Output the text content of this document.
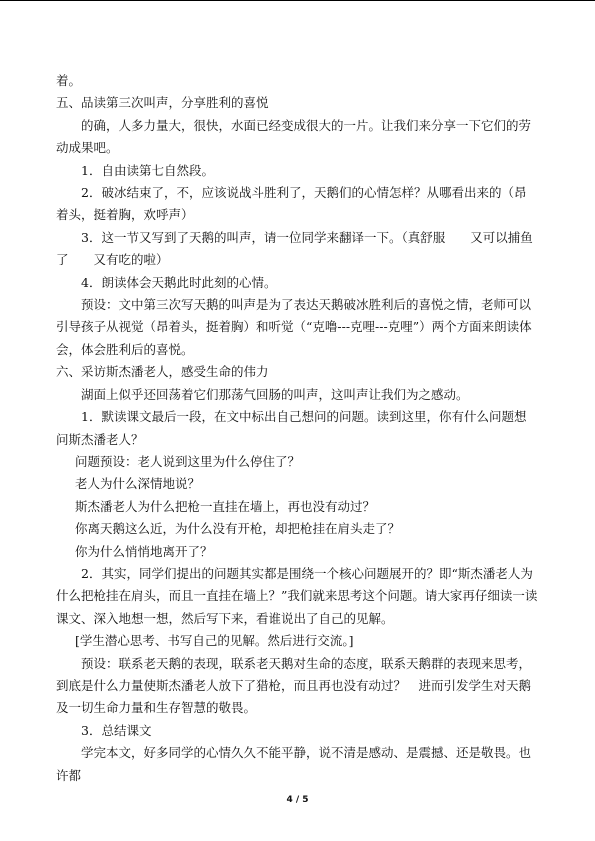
着。

五、品读第三次叫声，分享胜利的喜悦

的确，人多力量大，很快，水面已经变成很大的一片。让我们来分享一下它们的劳动成果吧。

1．自由读第七自然段。

2．破冰结束了，不，应该说战斗胜利了，天鹅们的心情怎样？从哪看出来的（昂着头，挺着胸，欢呼声）

3．这一节又写到了天鹅的叫声，请一位同学来翻译一下。（真舒服　　又可以捕鱼了　　又有吃的啦）

4．朗读体会天鹅此时此刻的心情。

预设：文中第三次写天鹅的叫声是为了表达天鹅破冰胜利后的喜悦之情，老师可以引导孩子从视觉（昂着头，挺着胸）和听觉（“克噜---克哩---克哩”）两个方面来朗读体会，体会胜利后的喜悦。

六、采访斯杰潘老人，感受生命的伟力

湖面上似乎还回荡着它们那荡气回肠的叫声，这叫声让我们为之感动。

1．默读课文最后一段，在文中标出自己想问的问题。读到这里，你有什么问题想问斯杰潘老人？

问题预设：老人说到这里为什么停住了？

老人为什么深情地说？

斯杰潘老人为什么把枪一直挂在墙上，再也没有动过？

你离天鹅这么近，为什么没有开枪，却把枪挂在肩头走了？

你为什么悄悄地离开了？

2．其实，同学们提出的问题其实都是围绕一个核心问题展开的？即“斯杰潘老人为什么把枪挂在肩头，而且一直挂在墙上？”我们就来思考这个问题。请大家再仔细读一读课文、深入地想一想，然后写下来，看谁说出了自己的见解。

[学生潜心思考、书写自己的见解。然后进行交流。]

预设：联系老天鹅的表现，联系老天鹅对生命的态度，联系天鹅群的表现来思考，到底是什么力量使斯杰潘老人放下了猎枪，而且再也没有动过？　进而引发学生对天鹅及一切生命力量和生存智慧的敬畏。

3．总结课文

学完本文，好多同学的心情久久不能平静，说不清是感动、是震撼、还是敬畏。也许都

4 / 5
